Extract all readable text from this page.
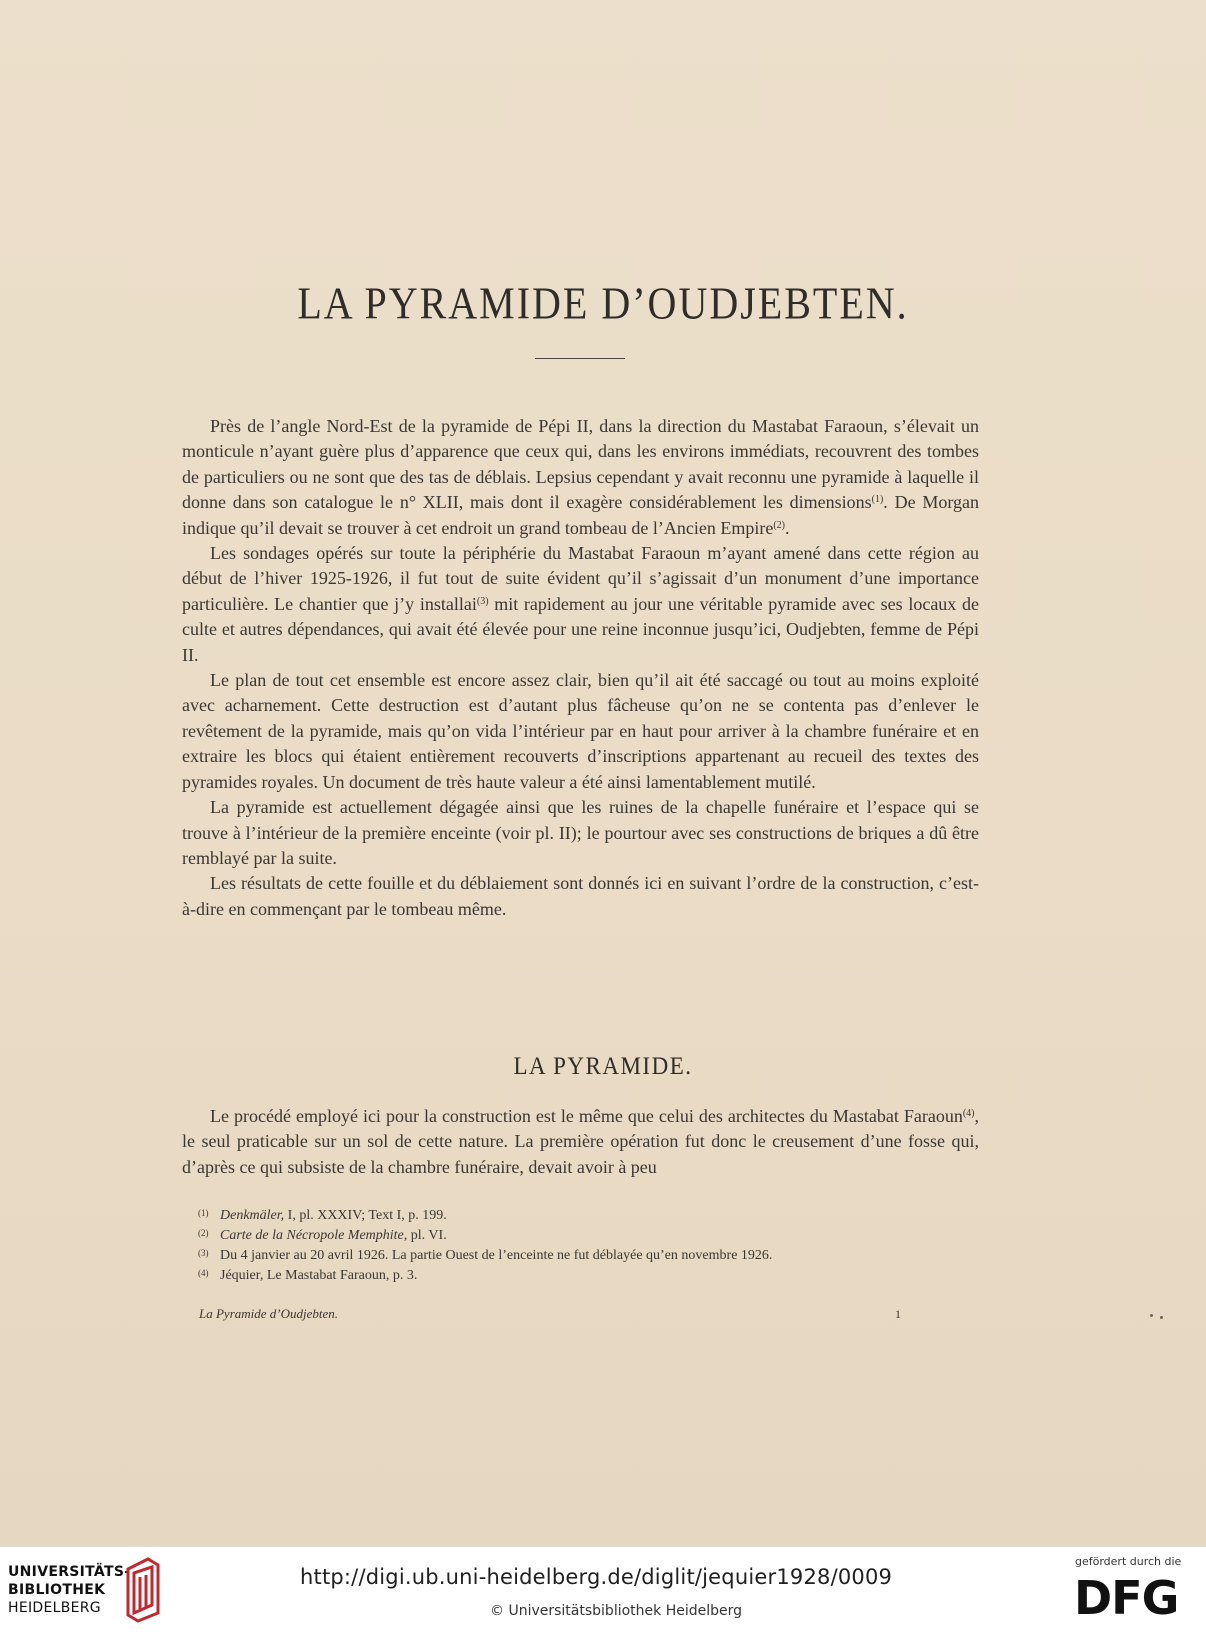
LA PYRAMIDE D’OUDJEBTEN.

Près de l’angle Nord-Est de la pyramide de Pépi II, dans la direction du Mastabat Faraoun, s’élevait un monticule n’ayant guère plus d’apparence que ceux qui, dans les environs immédiats, recouvrent des tombes de particuliers ou ne sont que des tas de déblais. Lepsius cependant y avait reconnu une pyramide à laquelle il donne dans son catalogue le n° XLII, mais dont il exagère considérablement les dimensions$^{(1)}$. De Morgan indique qu’il devait se trouver à cet endroit un grand tombeau de l’Ancien Empire$^{(2)}$.

Les sondages opérés sur toute la périphérie du Mastabat Faraoun m’ayant amené dans cette région au début de l’hiver 1925-1926, il fut tout de suite évident qu’il s’agissait d’un monument d’une importance particulière. Le chantier que j’y installai$^{(3)}$ mit rapidement au jour une véritable pyramide avec ses locaux de culte et autres dépendances, qui avait été élevée pour une reine inconnue jusqu’ici, Oudjebten, femme de Pépi II.

Le plan de tout cet ensemble est encore assez clair, bien qu’il ait été saccagé ou tout au moins exploité avec acharnement. Cette destruction est d’autant plus fâcheuse qu’on ne se contenta pas d’enlever le revêtement de la pyramide, mais qu’on vida l’intérieur par en haut pour arriver à la chambre funéraire et en extraire les blocs qui étaient entièrement recouverts d’inscriptions appartenant au recueil des textes des pyramides royales. Un document de très haute valeur a été ainsi lamentablement mutilé.

La pyramide est actuellement dégagée ainsi que les ruines de la chapelle funéraire et l’espace qui se trouve à l’intérieur de la première enceinte (voir pl. II); le pourtour avec ses constructions de briques a dû être remblayé par la suite.

Les résultats de cette fouille et du déblaiement sont donnés ici en suivant l’ordre de la construction, c’est-à-dire en commençant par le tombeau même.

LA PYRAMIDE.

Le procédé employé ici pour la construction est le même que celui des architectes du Mastabat Faraoun$^{(4)}$, le seul praticable sur un sol de cette nature. La première opération fut donc le creusement d’une fosse qui, d’après ce qui subsiste de la chambre funéraire, devait avoir à peu

(1) Denkmäler, I, pl. XXXIV; Text I, p. 199.
(2) Carte de la Nécropole Memphite, pl. VI.
(3) Du 4 janvier au 20 avril 1926. La partie Ouest de l’enceinte ne fut déblayée qu’en novembre 1926.
(4) Jéquier, Le Mastabat Faraoun, p. 3.
La Pyramide d’Oudjebten.	1
UNIVERSITÄTS-
BIBLIOTHEK
HEIDELBERG
http://digi.ub.uni-heidelberg.de/diglit/jequier1928/0009
© Universitätsbibliothek Heidelberg
gefördert durch die
DFG
